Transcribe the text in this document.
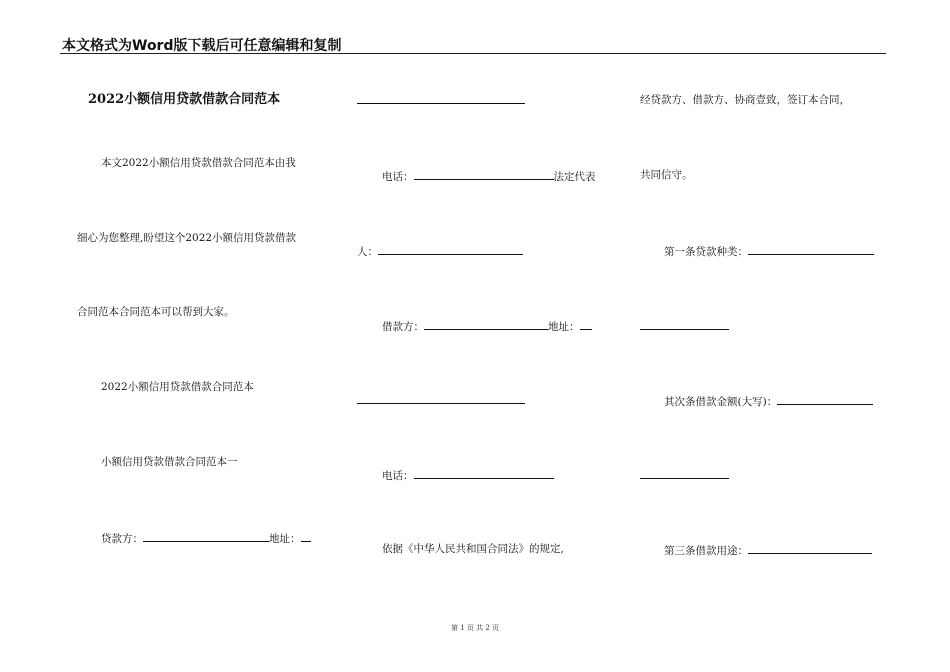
本文格式为Word版下载后可任意编辑和复制
2022小额信用贷款借款合同范本
本文2022小额信用贷款借款合同范本由我
细心为您整理,盼望这个2022小额信用贷款借款
合同范本合同范本可以帮到大家。
2022小额信用贷款借款合同范本
小额信用贷款借款合同范本一
贷款方：	地址：
电话：	法定代表
人：
借款方：	地址：
电话：
依据《中华人民共和国合同法》的规定,
经贷款方、借款方、协商壹致，签订本合同，
共同信守。
第一条贷款种类：
其次条借款金额(大写)：
第三条借款用途：
第 1 页 共 2 页
